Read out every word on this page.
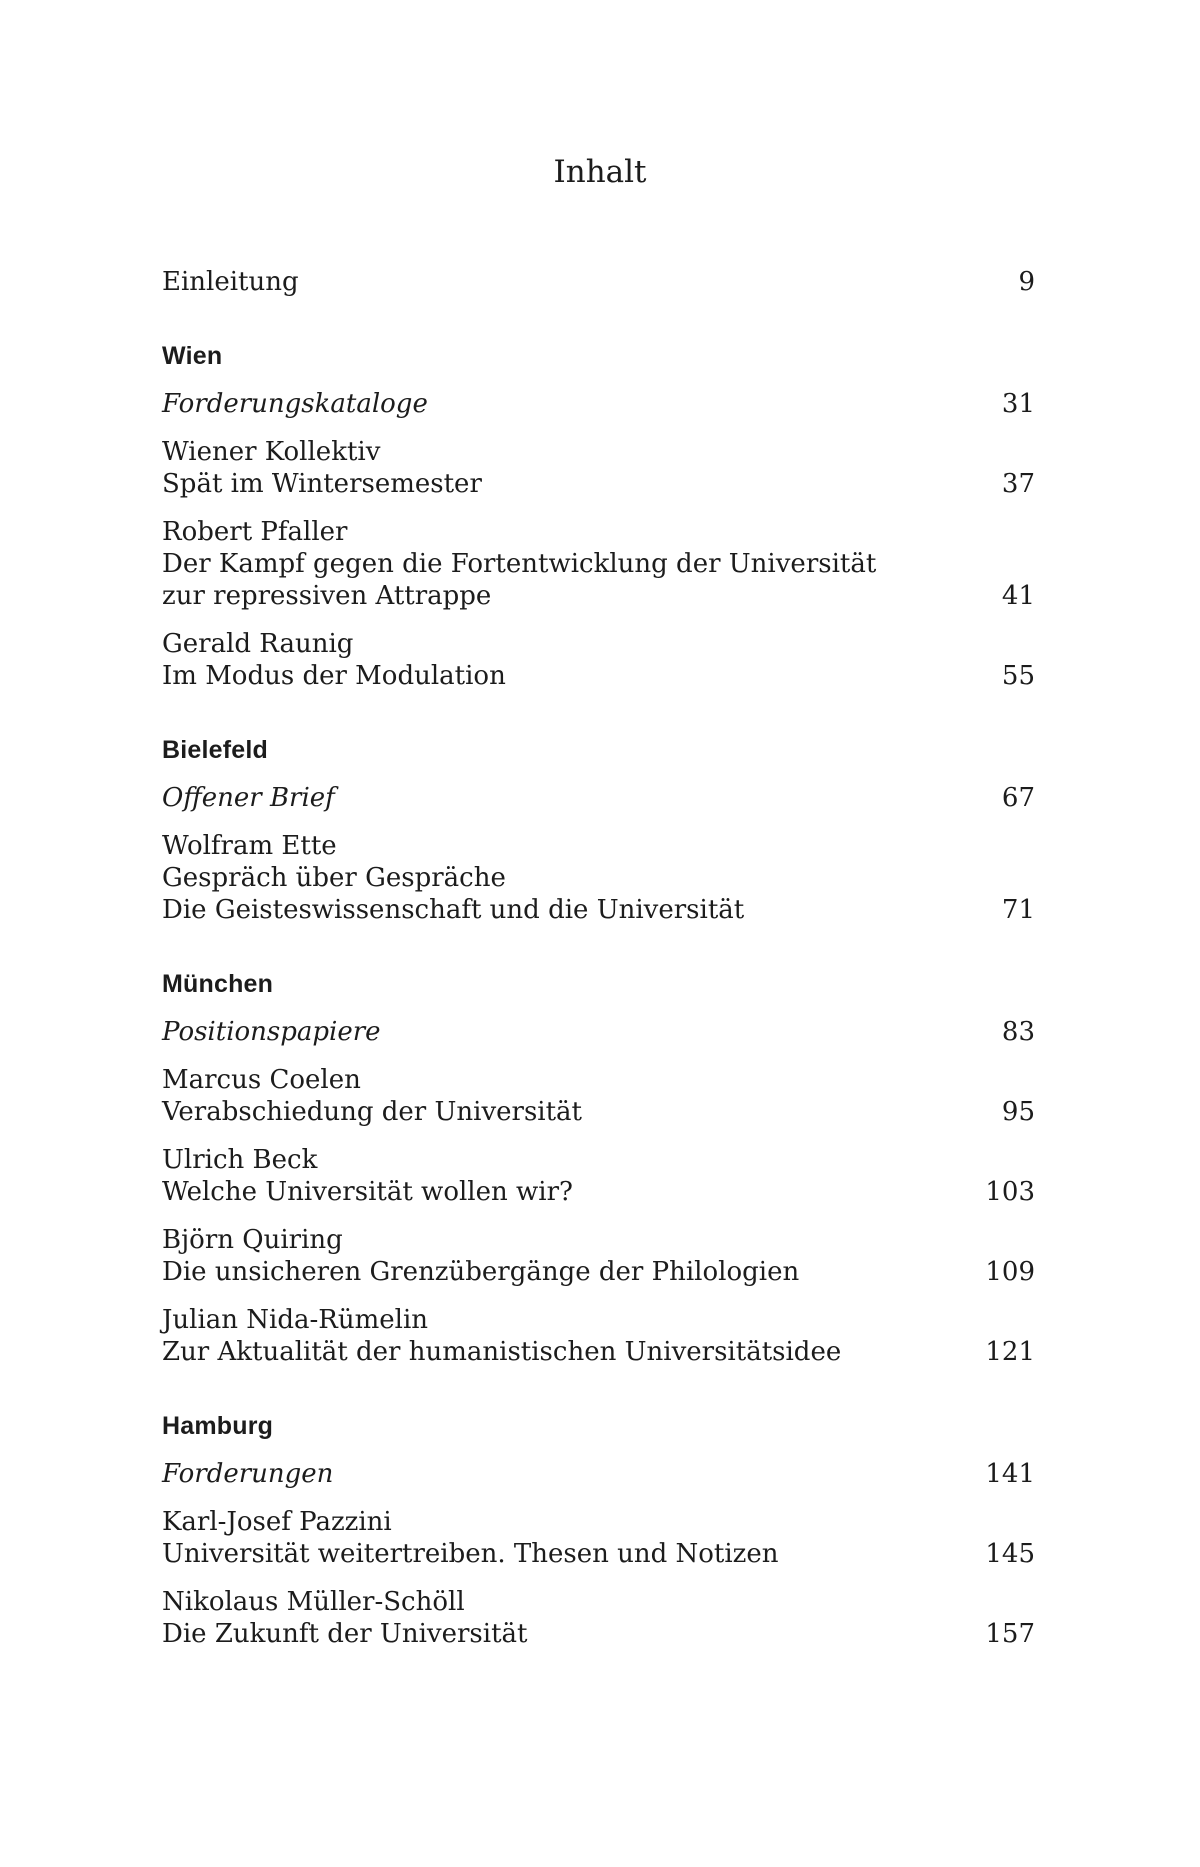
Inhalt
Einleitung	9
Wien
Forderungskataloge	31
Wiener Kollektiv
Spät im Wintersemester	37
Robert Pfaller
Der Kampf gegen die Fortentwicklung der Universität
zur repressiven Attrappe	41
Gerald Raunig
Im Modus der Modulation	55
Bielefeld
Offener Brief	67
Wolfram Ette
Gespräch über Gespräche
Die Geisteswissenschaft und die Universität	71
München
Positionspapiere	83
Marcus Coelen
Verabschiedung der Universität	95
Ulrich Beck
Welche Universität wollen wir?	103
Björn Quiring
Die unsicheren Grenzübergänge der Philologien	109
Julian Nida-Rümelin
Zur Aktualität der humanistischen Universitätsidee	121
Hamburg
Forderungen	141
Karl-Josef Pazzini
Universität weitertreiben. Thesen und Notizen	145
Nikolaus Müller-Schöll
Die Zukunft der Universität	157
